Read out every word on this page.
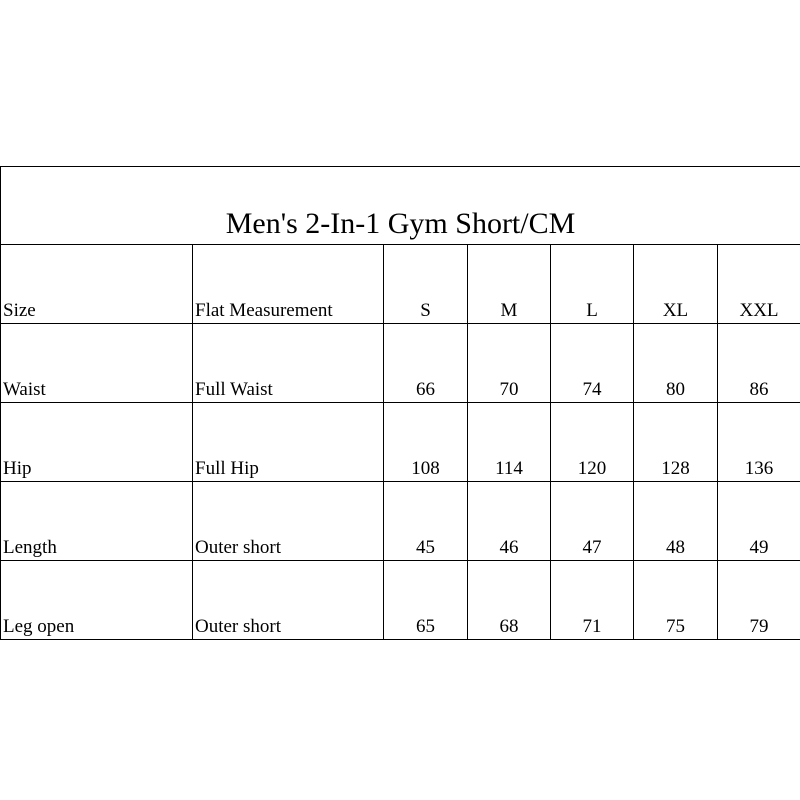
Men's 2-In-1 Gym Short/CM						
Size	Flat Measurement	S	M	L	XL	XXL
Waist	Full Waist	66	70	74	80	86
Hip	Full Hip	108	114	120	128	136
Length	Outer short	45	46	47	48	49
Leg open	Outer short	65	68	71	75	79
